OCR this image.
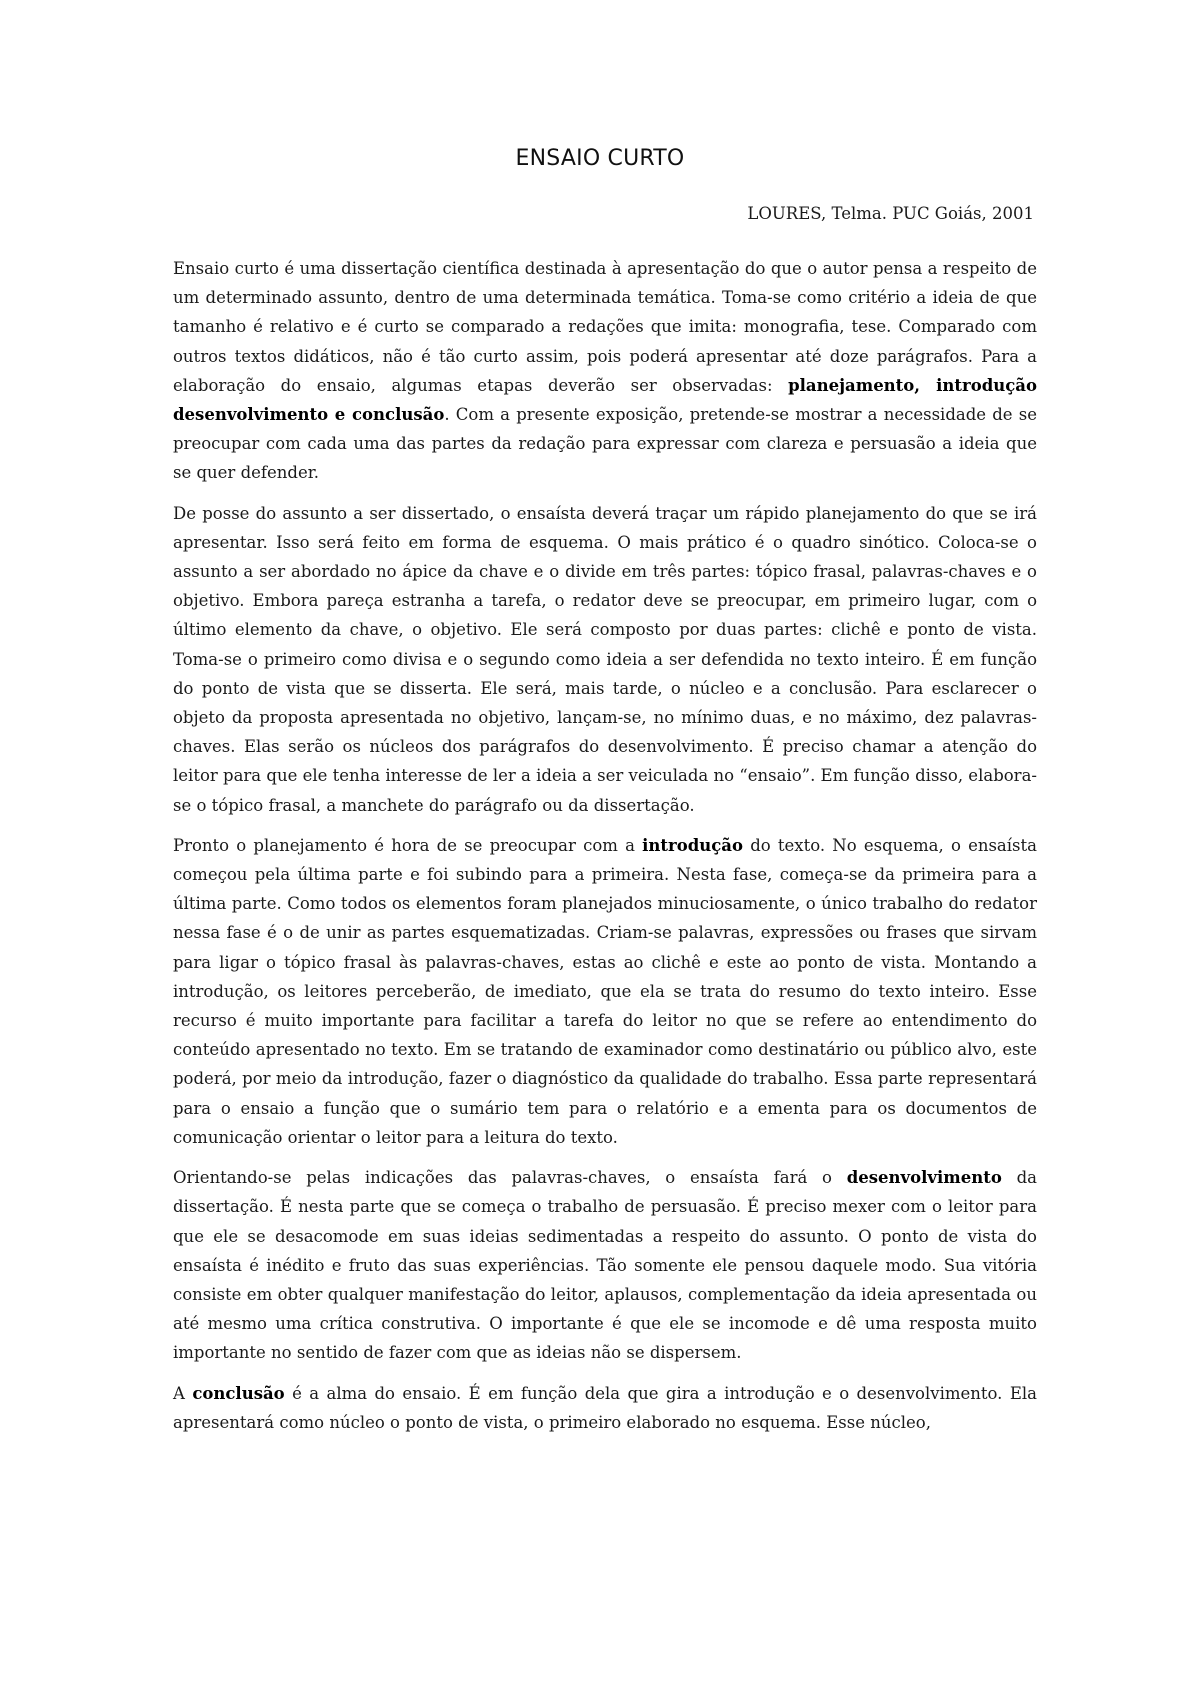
ENSAIO CURTO
LOURES, Telma. PUC Goiás, 2001

Ensaio curto é uma dissertação científica destinada à apresentação do que o autor pensa a respeito de um determinado assunto, dentro de uma determinada temática. Toma-se como critério a ideia de que tamanho é relativo e é curto se comparado a redações que imita: monografia, tese. Comparado com outros textos didáticos, não é tão curto assim, pois poderá apresentar até doze parágrafos. Para a elaboração do ensaio, algumas etapas deverão ser observadas: planejamento, introdução desenvolvimento e conclusão. Com a presente exposição, pretende-se mostrar a necessidade de se preocupar com cada uma das partes da redação para expressar com clareza e persuasão a ideia que se quer defender.

De posse do assunto a ser dissertado, o ensaísta deverá traçar um rápido planejamento do que se irá apresentar. Isso será feito em forma de esquema. O mais prático é o quadro sinótico. Coloca-se o assunto a ser abordado no ápice da chave e o divide em três partes: tópico frasal, palavras-chaves e o objetivo. Embora pareça estranha a tarefa, o redator deve se preocupar, em primeiro lugar, com o último elemento da chave, o objetivo. Ele será composto por duas partes: clichê e ponto de vista. Toma-se o primeiro como divisa e o segundo como ideia a ser defendida no texto inteiro. É em função do ponto de vista que se disserta. Ele será, mais tarde, o núcleo e a conclusão. Para esclarecer o objeto da proposta apresentada no objetivo, lançam-se, no mínimo duas, e no máximo, dez palavras-chaves. Elas serão os núcleos dos parágrafos do desenvolvimento. É preciso chamar a atenção do leitor para que ele tenha interesse de ler a ideia a ser veiculada no “ensaio”. Em função disso, elabora-se o tópico frasal, a manchete do parágrafo ou da dissertação.

Pronto o planejamento é hora de se preocupar com a introdução do texto. No esquema, o ensaísta começou pela última parte e foi subindo para a primeira. Nesta fase, começa-se da primeira para a última parte. Como todos os elementos foram planejados minuciosamente, o único trabalho do redator nessa fase é o de unir as partes esquematizadas. Criam-se palavras, expressões ou frases que sirvam para ligar o tópico frasal às palavras-chaves, estas ao clichê e este ao ponto de vista. Montando a introdução, os leitores perceberão, de imediato, que ela se trata do resumo do texto inteiro. Esse recurso é muito importante para facilitar a tarefa do leitor no que se refere ao entendimento do conteúdo apresentado no texto. Em se tratando de examinador como destinatário ou público alvo, este poderá, por meio da introdução, fazer o diagnóstico da qualidade do trabalho. Essa parte representará para o ensaio a função que o sumário tem para o relatório e a ementa para os documentos de comunicação orientar o leitor para a leitura do texto.

Orientando-se pelas indicações das palavras-chaves, o ensaísta fará o desenvolvimento da dissertação. É nesta parte que se começa o trabalho de persuasão. É preciso mexer com o leitor para que ele se desacomode em suas ideias sedimentadas a respeito do assunto. O ponto de vista do ensaísta é inédito e fruto das suas experiências. Tão somente ele pensou daquele modo. Sua vitória consiste em obter qualquer manifestação do leitor, aplausos, complementação da ideia apresentada ou até mesmo uma crítica construtiva. O importante é que ele se incomode e dê uma resposta muito importante no sentido de fazer com que as ideias não se dispersem.

A conclusão é a alma do ensaio. É em função dela que gira a introdução e o desenvolvimento. Ela apresentará como núcleo o ponto de vista, o primeiro elaborado no esquema. Esse núcleo,
